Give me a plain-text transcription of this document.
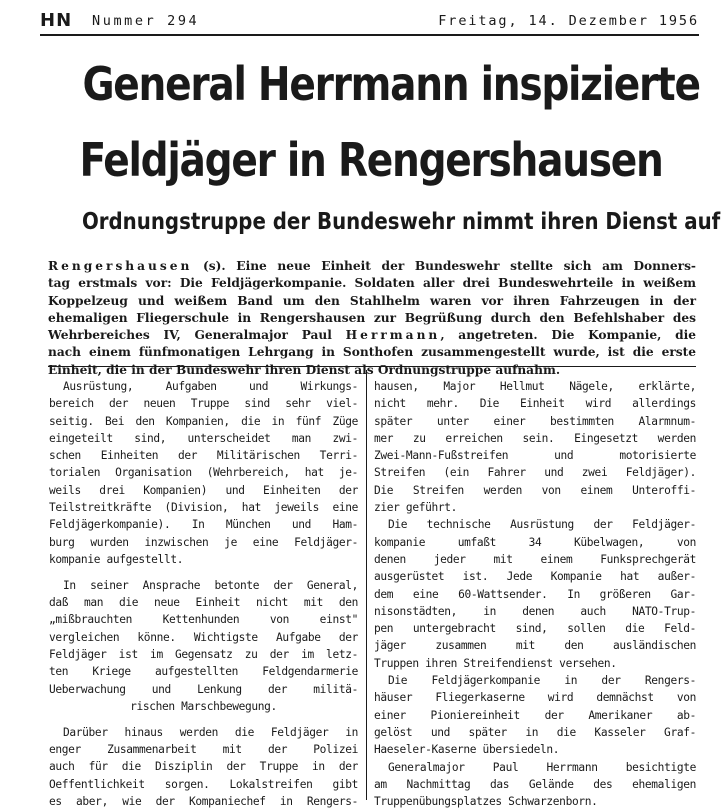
HN Nummer 294	Freitag, 14. Dezember 1956
General Herrmann inspizierte
Feldjäger in Rengershausen
Ordnungstruppe der Bundeswehr nimmt ihren Dienst auf
Rengershausen (s). Eine neue Einheit der Bundeswehr stellte sich am Donners-
tag erstmals vor: Die Feldjägerkompanie. Soldaten aller drei Bundeswehrteile in weißem
Koppelzeug und weißem Band um den Stahlhelm waren vor ihren Fahrzeugen in der
ehemaligen Fliegerschule in Rengershausen zur Begrüßung durch den Befehlshaber des
Wehrbereiches IV, Generalmajor Paul Herrmann, angetreten. Die Kompanie, die
nach einem fünfmonatigen Lehrgang in Sonthofen zusammengestellt wurde, ist die erste
Einheit, die in der Bundeswehr ihren Dienst als Ordnungstruppe aufnahm.
Ausrüstung, Aufgaben und Wirkungs-
bereich der neuen Truppe sind sehr viel-
seitig. Bei den Kompanien, die in fünf Züge
eingeteilt sind, unterscheidet man zwi-
schen Einheiten der Militärischen Terri-
torialen Organisation (Wehrbereich, hat je-
weils drei Kompanien) und Einheiten der
Teilstreitkräfte (Division, hat jeweils eine
Feldjägerkompanie). In München und Ham-
burg wurden inzwischen je eine Feldjäger-
kompanie aufgestellt.
In seiner Ansprache betonte der General,
daß man die neue Einheit nicht mit den
„mißbrauchten Kettenhunden von einst"
vergleichen könne. Wichtigste Aufgabe der
Feldjäger ist im Gegensatz zu der im letz-
ten Kriege aufgestellten Feldgendarmerie
Ueberwachung und Lenkung der militä-
rischen Marschbewegung.
Darüber hinaus werden die Feldjäger in
enger Zusammenarbeit mit der Polizei
auch für die Disziplin der Truppe in der
Oeffentlichkeit sorgen. Lokalstreifen gibt
es aber, wie der Kompaniechef in Rengers-
hausen, Major Hellmut Nägele, erklärte,
nicht mehr. Die Einheit wird allerdings
später unter einer bestimmten Alarmnum-
mer zu erreichen sein. Eingesetzt werden
Zwei-Mann-Fußstreifen und motorisierte
Streifen (ein Fahrer und zwei Feldjäger).
Die Streifen werden von einem Unteroffi-
zier geführt.
Die technische Ausrüstung der Feldjäger-
kompanie umfaßt 34 Kübelwagen, von
denen jeder mit einem Funksprechgerät
ausgerüstet ist. Jede Kompanie hat außer-
dem eine 60-Wattsender. In größeren Gar-
nisonstädten, in denen auch NATO-Trup-
pen untergebracht sind, sollen die Feld-
jäger zusammen mit den ausländischen
Truppen ihren Streifendienst versehen.
Die Feldjägerkompanie in der Rengers-
häuser Fliegerkaserne wird demnächst von
einer Pioniereinheit der Amerikaner ab-
gelöst und später in die Kasseler Graf-
Haeseler-Kaserne übersiedeln.
Generalmajor Paul Herrmann besichtigte
am Nachmittag das Gelände des ehemaligen
Truppenübungsplatzes Schwarzenborn.
